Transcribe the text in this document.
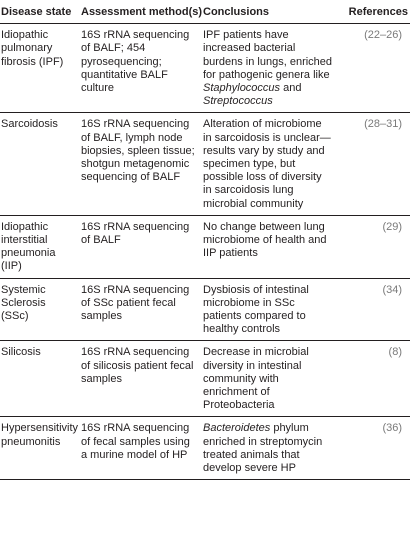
Disease state	Assessment method(s)	Conclusions	References
Idiopathic pulmonary fibrosis (IPF)	16S rRNA sequencing of BALF; 454 pyrosequencing; quantitative BALF culture	IPF patients have increased bacterial burdens in lungs, enriched for pathogenic genera like Staphylococcus and Streptococcus	(22–26)
Sarcoidosis	16S rRNA sequencing of BALF, lymph node biopsies, spleen tissue; shotgun metagenomic sequencing of BALF	Alteration of microbiome in sarcoidosis is unclear—results vary by study and specimen type, but possible loss of diversity in sarcoidosis lung microbial community	(28–31)
Idiopathic interstitial pneumonia (IIP)	16S rRNA sequencing of BALF	No change between lung microbiome of health and IIP patients	(29)
Systemic Sclerosis (SSc)	16S rRNA sequencing of SSc patient fecal samples	Dysbiosis of intestinal microbiome in SSc patients compared to healthy controls	(34)
Silicosis	16S rRNA sequencing of silicosis patient fecal samples	Decrease in microbial diversity in intestinal community with enrichment of Proteobacteria	(8)
Hypersensitivity pneumonitis	16S rRNA sequencing of fecal samples using a murine model of HP	Bacteroidetes phylum enriched in streptomycin treated animals that develop severe HP	(36)
